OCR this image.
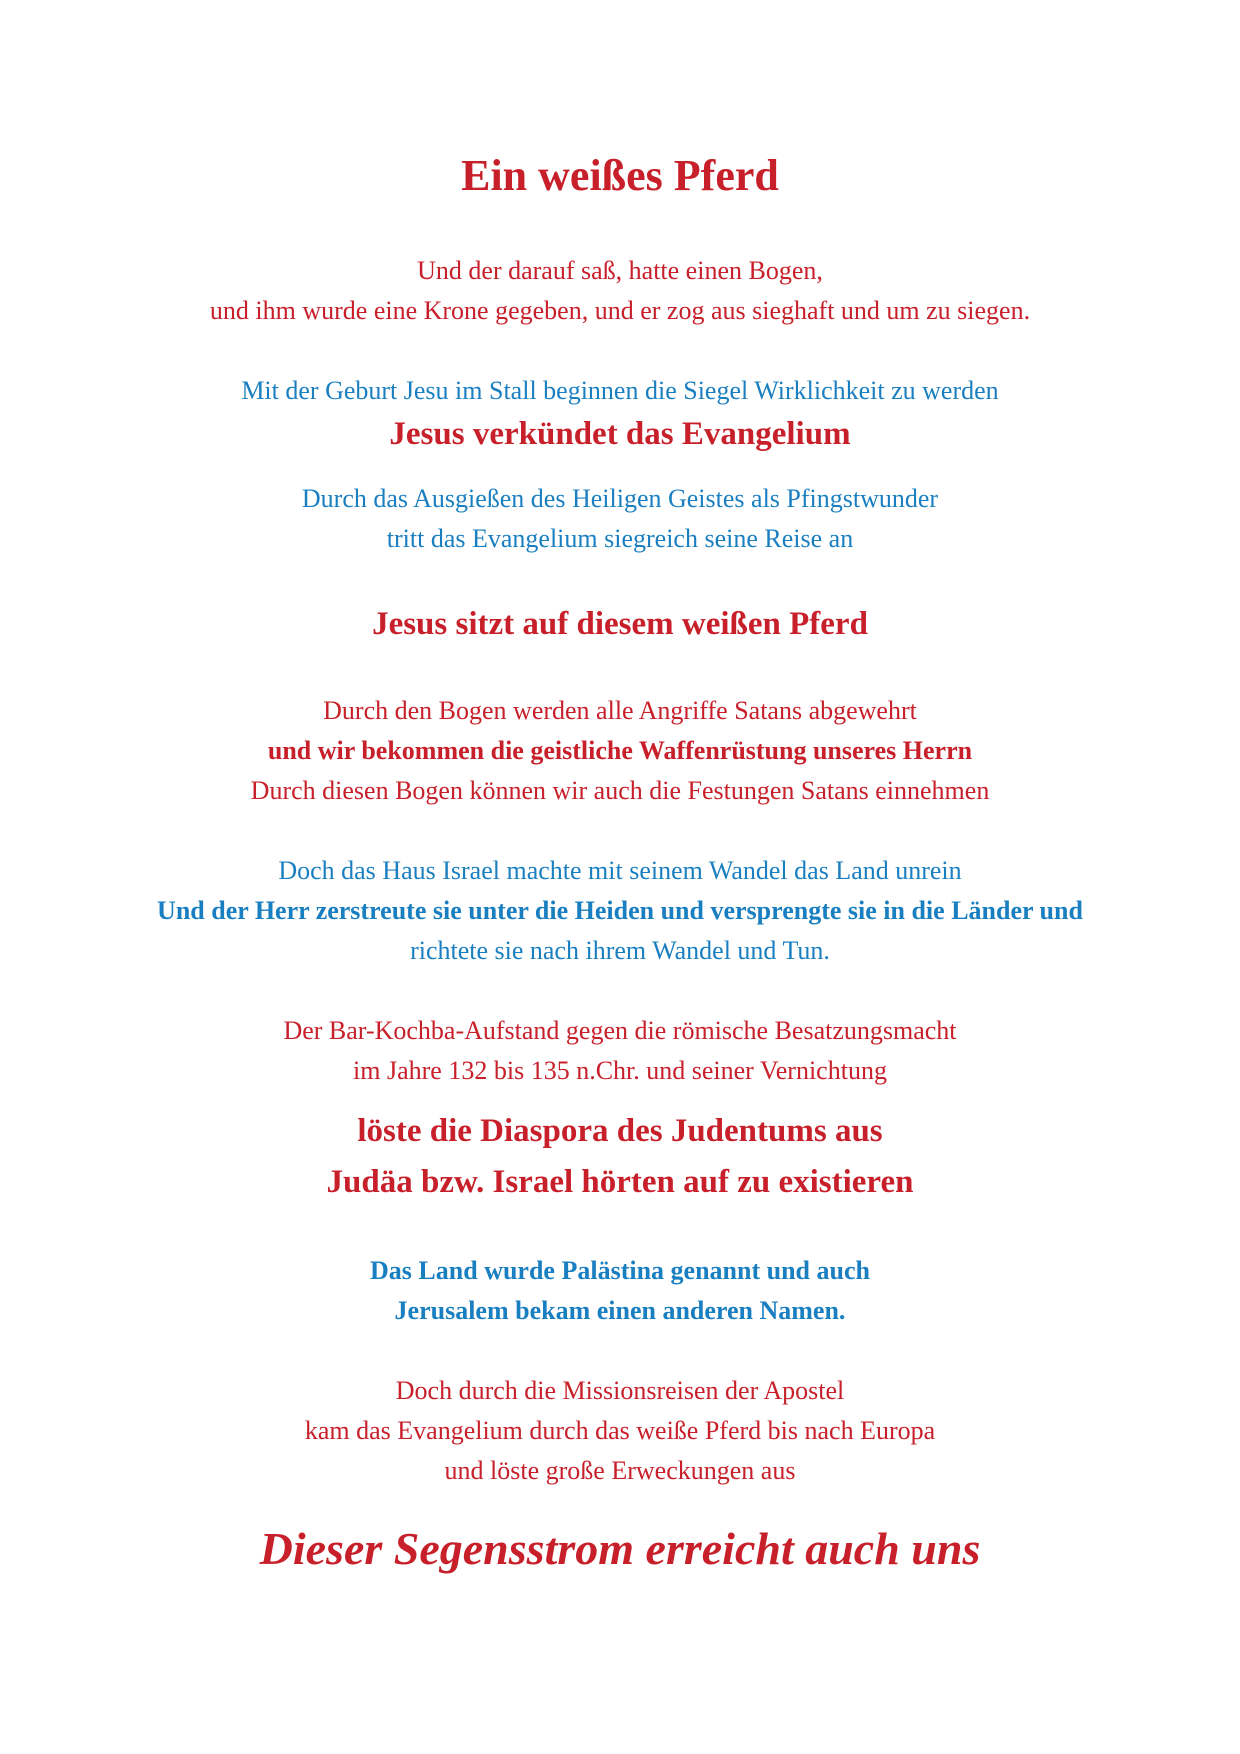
Ein weißes Pferd

Und der darauf saß, hatte einen Bogen,

und ihm wurde eine Krone gegeben, und er zog aus sieghaft und um zu siegen.

Mit der Geburt Jesu im Stall beginnen die Siegel Wirklichkeit zu werden

Jesus verkündet das Evangelium

Durch das Ausgießen des Heiligen Geistes als Pfingstwunder

tritt das Evangelium siegreich seine Reise an

Jesus sitzt auf diesem weißen Pferd

Durch den Bogen werden alle Angriffe Satans abgewehrt

und wir bekommen die geistliche Waffenrüstung unseres Herrn

Durch diesen Bogen können wir auch die Festungen Satans einnehmen

Doch das Haus Israel machte mit seinem Wandel das Land unrein

Und der Herr zerstreute sie unter die Heiden und versprengte sie in die Länder und

richtete sie nach ihrem Wandel und Tun.

Der Bar-Kochba-Aufstand gegen die römische Besatzungsmacht

im Jahre 132 bis 135 n.Chr. und seiner Vernichtung

löste die Diaspora des Judentums aus
Judäa bzw. Israel hörten auf zu existieren

Das Land wurde Palästina genannt und auch

Jerusalem bekam einen anderen Namen.

Doch durch die Missionsreisen der Apostel

kam das Evangelium durch das weiße Pferd bis nach Europa

und löste große Erweckungen aus

Dieser Segensstrom erreicht auch uns
